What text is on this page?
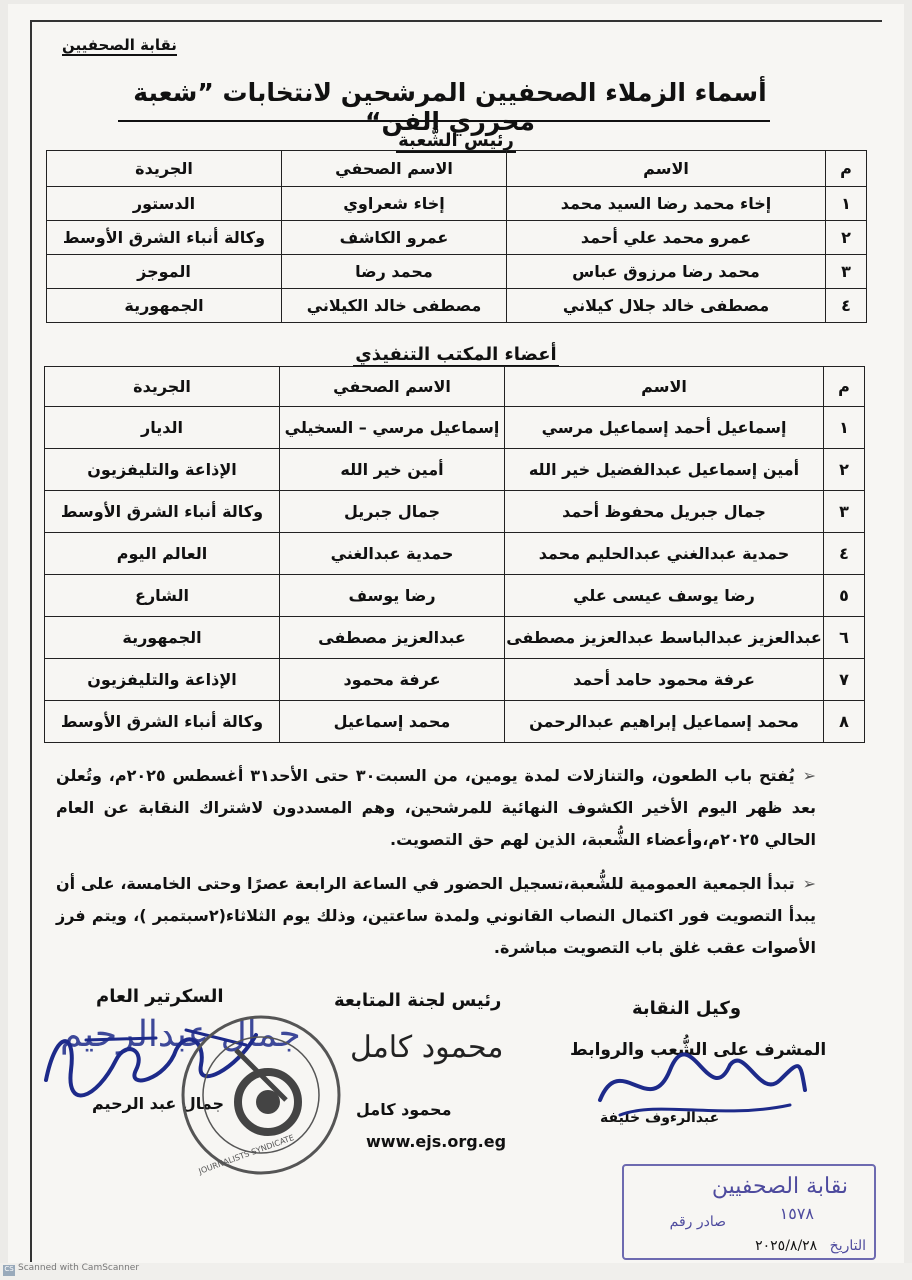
نقابة الصحفيين
أسماء الزملاء الصحفيين المرشحين لانتخابات ”شعبة محرري الفن“
رئيس الشُّعبة
م	الاسم	الاسم الصحفي	الجريدة
١	إخاء محمد رضا السيد محمد	إخاء شعراوي	الدستور
٢	عمرو محمد علي أحمد	عمرو الكاشف	وكالة أنباء الشرق الأوسط
٣	محمد رضا مرزوق عباس	محمد رضا	الموجز
٤	مصطفى خالد جلال كيلاني	مصطفى خالد الكيلاني	الجمهورية
أعضاء المكتب التنفيذي
م	الاسم	الاسم الصحفي	الجريدة
١	إسماعيل أحمد إسماعيل مرسي	إسماعيل مرسي – السخيلي	الديار
٢	أمين إسماعيل عبدالفضيل خير الله	أمين خير الله	الإذاعة والتليفزيون
٣	جمال جبريل محفوظ أحمد	جمال جبريل	وكالة أنباء الشرق الأوسط
٤	حمدية عبدالغني عبدالحليم محمد	حمدية عبدالغني	العالم اليوم
٥	رضا يوسف عيسى علي	رضا يوسف	الشارع
٦	عبدالعزيز عبدالباسط عبدالعزيز مصطفى	عبدالعزيز مصطفى	الجمهورية
٧	عرفة محمود حامد أحمد	عرفة محمود	الإذاعة والتليفزيون
٨	محمد إسماعيل إبراهيم عبدالرحمن	محمد إسماعيل	وكالة أنباء الشرق الأوسط

➢يُفتح باب الطعون، والتنازلات لمدة يومين، من السبت٣٠ حتى الأحد٣١ أغسطس ٢٠٢٥م، وتُعلن بعد ظهر اليوم الأخير الكشوف النهائية للمرشحين، وهم المسددون لاشتراك النقابة عن العام الحالي ٢٠٢٥م،وأعضاء الشُّعبة، الذين لهم حق التصويت.

➢تبدأ الجمعية العمومية للشُّعبة،تسجيل الحضور في الساعة الرابعة عصرًا وحتى الخامسة، على أن يبدأ التصويت فور اكتمال النصاب القانوني ولمدة ساعتين، وذلك يوم الثلاثاء(٢سبتمبر )، ويتم فرز الأصوات عقب غلق باب التصويت مباشرة.

وكيل النقابة
المشرف على الشُّعب والروابط
عبدالرءوف خليفة
رئيس لجنة المتابعة
محمود كامل
السكرتير العام
جمال عبد الرحيم
جمال عبدالرحيم محمود كامل
JOURNALISTS SYNDICATE	www.ejs.org.eg
نقابة الصحفيين
١٥٧٨
صادر رقم
التاريخ ٢٠٢٥/٨/٢٨
CS Scanned with CamScanner
